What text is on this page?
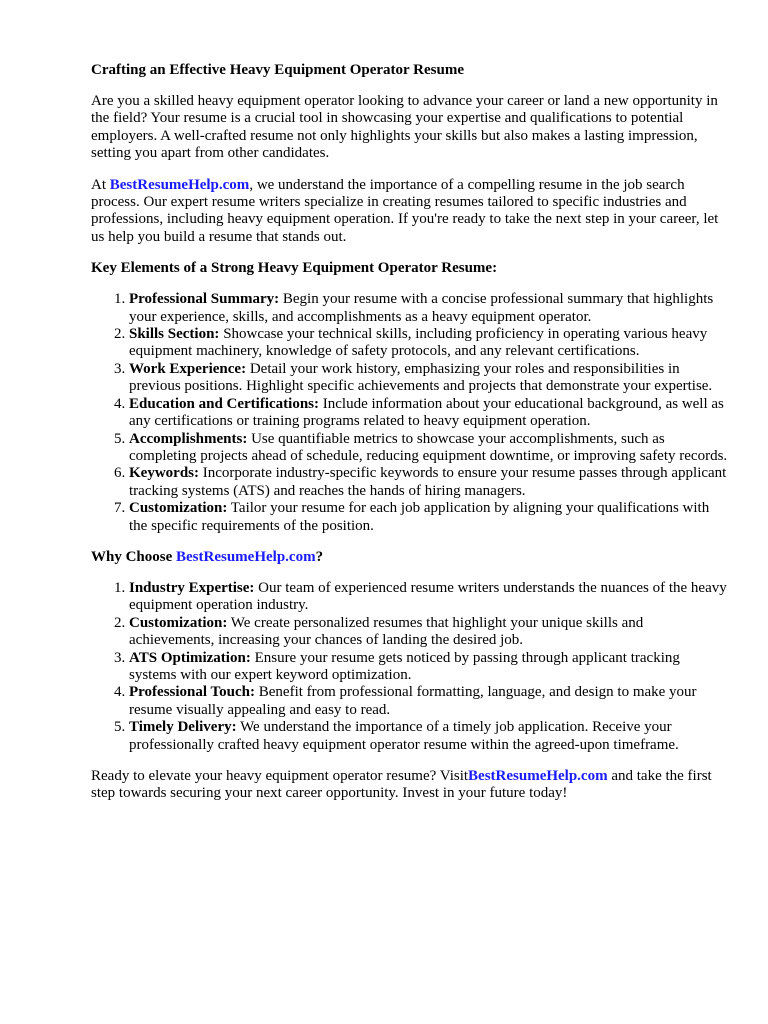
Crafting an Effective Heavy Equipment Operator Resume

Are you a skilled heavy equipment operator looking to advance your career or land a new opportunity in the field? Your resume is a crucial tool in showcasing your expertise and qualifications to potential employers. A well-crafted resume not only highlights your skills but also makes a lasting impression, setting you apart from other candidates.

At BestResumeHelp.com, we understand the importance of a compelling resume in the job search process. Our expert resume writers specialize in creating resumes tailored to specific industries and professions, including heavy equipment operation. If you're ready to take the next step in your career, let us help you build a resume that stands out.

Key Elements of a Strong Heavy Equipment Operator Resume:
1. Professional Summary: Begin your resume with a concise professional summary that highlights your experience, skills, and accomplishments as a heavy equipment operator.
2. Skills Section: Showcase your technical skills, including proficiency in operating various heavy equipment machinery, knowledge of safety protocols, and any relevant certifications.
3. Work Experience: Detail your work history, emphasizing your roles and responsibilities in previous positions. Highlight specific achievements and projects that demonstrate your expertise.
4. Education and Certifications: Include information about your educational background, as well as any certifications or training programs related to heavy equipment operation.
5. Accomplishments: Use quantifiable metrics to showcase your accomplishments, such as completing projects ahead of schedule, reducing equipment downtime, or improving safety records.
6. Keywords: Incorporate industry-specific keywords to ensure your resume passes through applicant tracking systems (ATS) and reaches the hands of hiring managers.
7. Customization: Tailor your resume for each job application by aligning your qualifications with the specific requirements of the position.
Why Choose BestResumeHelp.com?
1. Industry Expertise: Our team of experienced resume writers understands the nuances of the heavy equipment operation industry.
2. Customization: We create personalized resumes that highlight your unique skills and achievements, increasing your chances of landing the desired job.
3. ATS Optimization: Ensure your resume gets noticed by passing through applicant tracking systems with our expert keyword optimization.
4. Professional Touch: Benefit from professional formatting, language, and design to make your resume visually appealing and easy to read.
5. Timely Delivery: We understand the importance of a timely job application. Receive your professionally crafted heavy equipment operator resume within the agreed-upon timeframe.

Ready to elevate your heavy equipment operator resume? VisitBestResumeHelp.com and take the first step towards securing your next career opportunity. Invest in your future today!
